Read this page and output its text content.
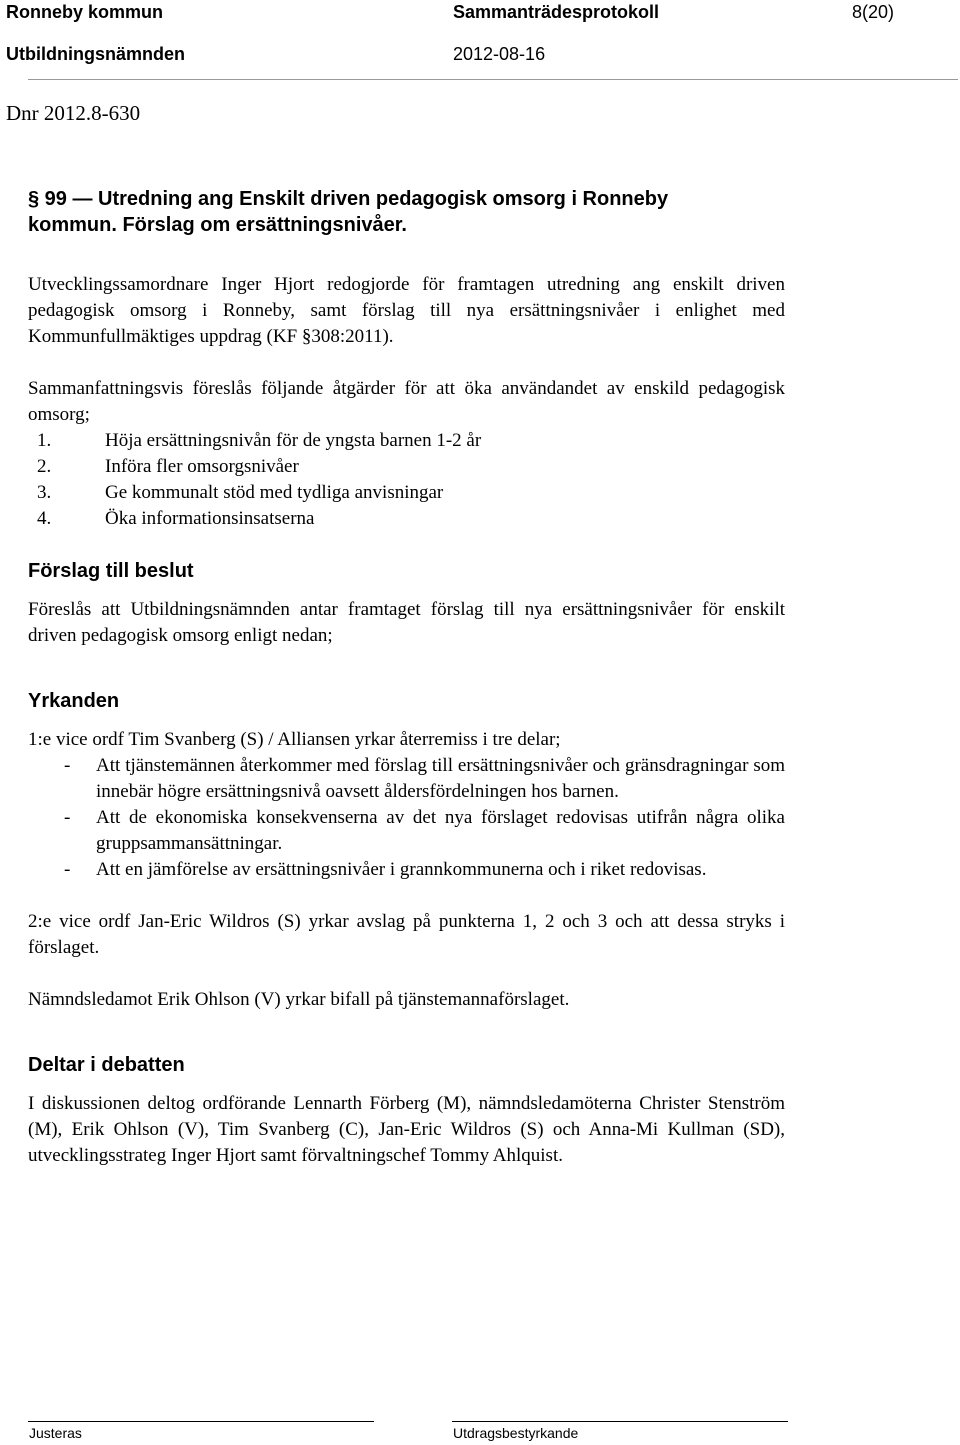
Ronneby kommun	Sammanträdesprotokoll	8(20)
Utbildningsnämnden	2012-08-16
Dnr 2012.8-630
§ 99 — Utredning ang Enskilt driven pedagogisk omsorg i Ronneby
kommun. Förslag om ersättningsnivåer.

Utvecklingssamordnare Inger Hjort redogjorde för framtagen utredning ang enskilt driven pedagogisk omsorg i Ronneby, samt förslag till nya ersättningsnivåer i enlighet med Kommunfullmäktiges uppdrag (KF §308:2011).

Sammanfattningsvis föreslås följande åtgärder för att öka användandet av enskild pedagogisk omsorg;

1.	Höja ersättningsnivån för de yngsta barnen 1-2 år
2.	Införa fler omsorgsnivåer
3.	Ge kommunalt stöd med tydliga anvisningar
4.	Öka informationsinsatserna
Förslag till beslut

Föreslås att Utbildningsnämnden antar framtaget förslag till nya ersättningsnivåer för enskilt driven pedagogisk omsorg enligt nedan;

Yrkanden

1:e vice ordf Tim Svanberg (S) / Alliansen yrkar återremiss i tre delar;

- Att tjänstemännen återkommer med förslag till ersättningsnivåer och gränsdragningar som innebär högre ersättningsnivå oavsett åldersfördelningen hos barnen.
- Att de ekonomiska konsekvenserna av det nya förslaget redovisas utifrån några olika gruppsammansättningar.
- Att en jämförelse av ersättningsnivåer i grannkommunerna och i riket redovisas.

2:e vice ordf Jan-Eric Wildros (S) yrkar avslag på punkterna 1, 2 och 3 och att dessa stryks i förslaget.

Nämndsledamot Erik Ohlson (V) yrkar bifall på tjänstemannaförslaget.

Deltar i debatten

I diskussionen deltog ordförande Lennarth Förberg (M), nämndsledamöterna Christer Stenström (M), Erik Ohlson (V), Tim Svanberg (C), Jan-Eric Wildros (S) och Anna-Mi Kullman (SD), utvecklingsstrateg Inger Hjort samt förvaltningschef Tommy Ahlquist.

Justeras	Utdragsbestyrkande
